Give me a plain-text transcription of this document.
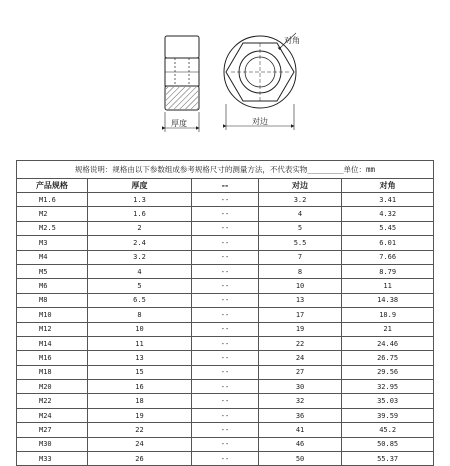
厚度	对边
对角
规格说明：规格由以下参数组成参考规格尺寸的测量方法，不代表实物________单位：mm				
产品规格	厚度	--	对边	对角
M1.6	1.3	--	3.2	3.41
M2	1.6	--	4	4.32
M2.5	2	--	5	5.45
M3	2.4	--	5.5	6.01
M4	3.2	--	7	7.66
M5	4	--	8	8.79
M6	5	--	10	11
M8	6.5	--	13	14.38
M10	8	--	17	18.9
M12	10	--	19	21
M14	11	--	22	24.46
M16	13	--	24	26.75
M18	15	--	27	29.56
M20	16	--	30	32.95
M22	18	--	32	35.03
M24	19	--	36	39.59
M27	22	--	41	45.2
M30	24	--	46	50.85
M33	26	--	50	55.37
